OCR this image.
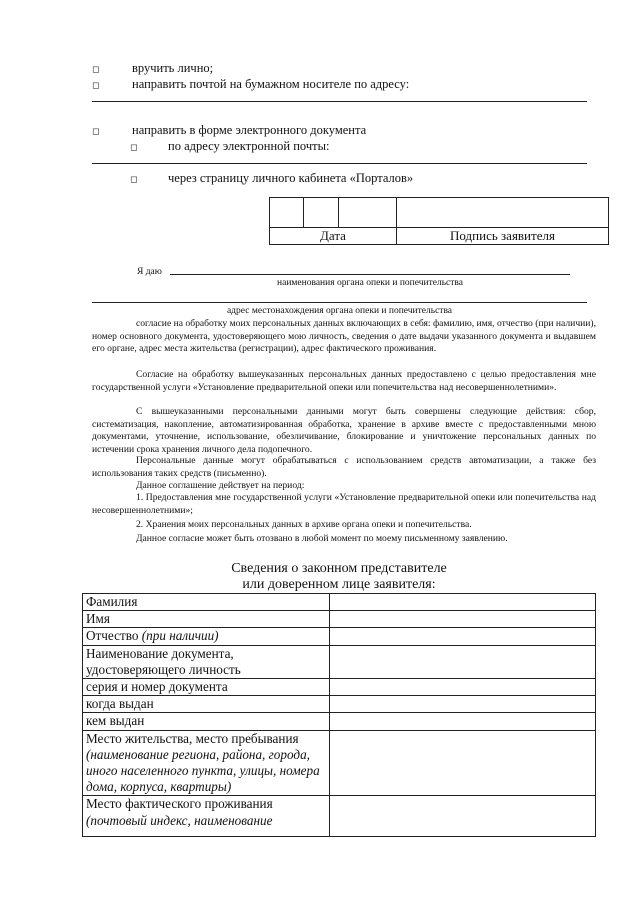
◻	вручить лично;
◻	направить почтой на бумажном носителе по адресу:
◻	направить в форме электронного документа
◻ по адресу электронной почты:
◻ через страницу личного кабинета «Порталов»

Дата			Подпись заявителя
Я даю
наименования органа опеки и попечительства
адрес местонахождения органа опеки и попечительства
согласие на обработку моих персональных данных включающих в себя: фамилию, имя, отчество (при наличии), номер основного документа, удостоверяющего мою личность, сведения о дате выдачи указанного документа и выдавшем его органе, адрес места жительства (регистрации), адрес фактического проживания.
Согласие на обработку вышеуказанных персональных данных предоставлено с целью предоставления мне государственной услуги «Установление предварительной опеки или попечительства над несовершеннолетними».
С вышеуказанными персональными данными могут быть совершены следующие действия: сбор, систематизация, накопление, автоматизированная обработка, хранение в архиве вместе с предоставленными мною документами, уточнение, использование, обезличивание, блокирование и уничтожение персональных данных по истечении срока хранения личного дела подопечного.
Персональные данные могут обрабатываться с использованием средств автоматизации, а также без использования таких средств (письменно).
Данное соглашение действует на период:
1. Предоставления мне государственной услуги «Установление предварительной опеки или попечительства над несовершеннолетними»;
2. Хранения моих персональных данных в архиве органа опеки и попечительства.
Данное согласие может быть отозвано в любой момент по моему письменному заявлению.
Сведения о законном представителе
или доверенном лице заявителя:
Фамилия	
Имя	
Отчество (при наличии)	
Наименование документа, удостоверяющего личность	
серия и номер документа	
когда выдан	
кем выдан	
Место жительства, место пребывания (наименование региона, района, города, иного населенного пункта, улицы, номера дома, корпуса, квартиры)	
Место фактического проживания (почтовый индекс, наименование	
